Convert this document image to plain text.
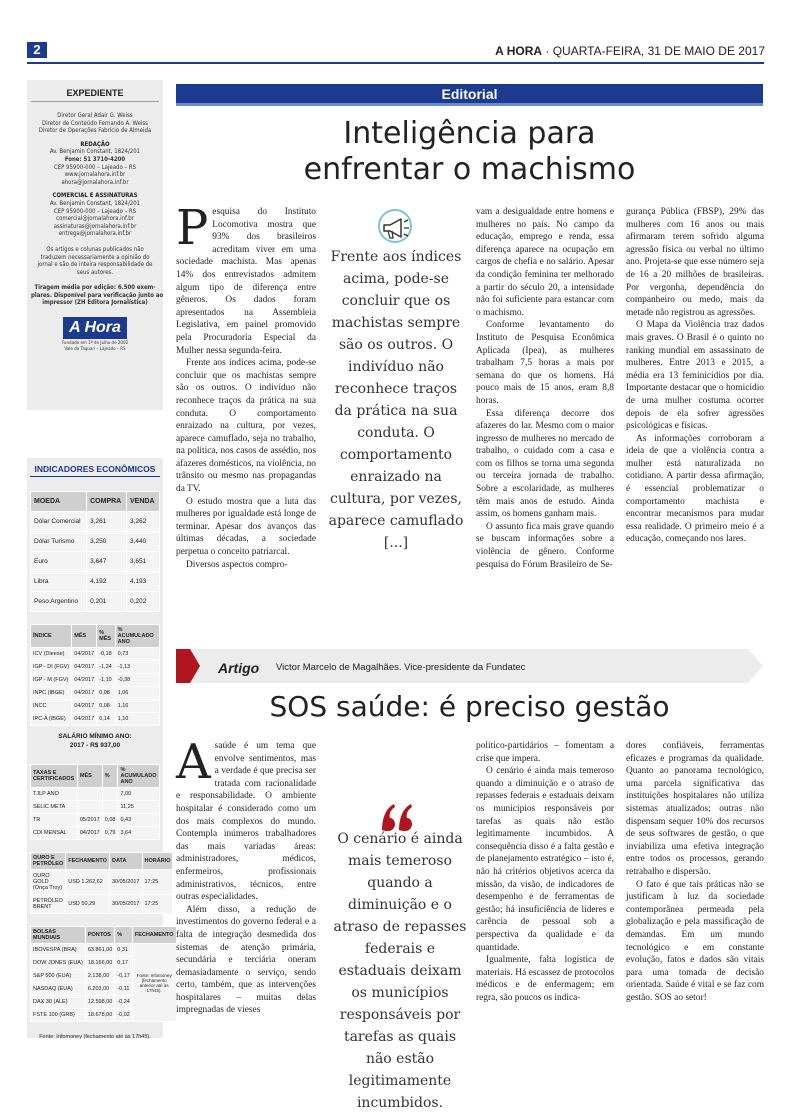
2	A HORA · QUARTA-FEIRA, 31 DE MAIO DE 2017
EXPEDIENTE
Diretor Geral Adair G. Weiss
Diretor de Conteúdo Fernando A. Weiss
Diretor de Operações Fabrício de Almeida
REDAÇÃO
Av. Benjamin Constant, 1824/201
Fone: 51 3710-4200
CEP 95900-000 – Lajeado – RS
www.jornalahora.inf.br
ahora@jornalahora.inf.br
COMERCIAL E ASSINATURAS
Av. Benjamin Constant, 1824/201
CEP 95900-000 – Lajeado – RS
comercial@jornalahora.inf.br
assinaturas@jornalahora.inf.br
entrega@jornalahora.inf.br
Os artigos e colunas publicados não
traduzem necessariamente a opinião do
jornal e são de inteira responsabilidade de
seus autores.
Tiragem média por edição: 6.500 exem-
plares. Disponível para verificação junto ao
impressor (ZH Editora Jornalística)
A Hora
Fundado em 1º de Julho de 2002
Vale do Taquari – Lajeado – RS
INDICADORES ECONÔMICOS
MOEDA	COMPRA	VENDA
Dólar Comercial	3,261	3,262
Dólar Turismo	3,250	3,440
Euro	3,647	3,651
Libra	4,192	4,193
Peso Argentino	0,201	0,202
ÍNDICE	MÊS	% MÊS	% ACUMULADO ANO
ICV (Dieese)	04/2017	-0,18	0,73
IGP - DI (FGV)	04/2017	-1,24	-1,13
IGP - M (FGV)	04/2017	-1,10	-0,38
INPC (IBGE)	04/2017	0,08	1,06
INCC	04/2017	0,08	1,16
IPC-A (IBGE)	04/2017	0,14	1,10
SALÁRIO MÍNIMO ANO:
2017 - R$ 937,00
TAXAS E CERTIFICADOS	MÊS	%	% ACUMULADO ANO
TJLP ANO			7,00
SELIC META			11,25
TR	05/2017	0,08	0,43
CDI MENSAL	04/2017	0,79	3,64
OURO E PETRÓLEO	FECHAMENTO	DATA	HORÁRIO
OURO GOLD (Onça Troy)	USD 1.262,62	30/05/2017	17:25
PETRÓLEO BRENT	USD 50,29	30/05/2017	17:25
BOLSAS MUNDIAIS	PONTOS	%	FECHAMENTO
IBOVESPA (BRA)	63.861,00	0,31	Fonte: Infomoney (fechamento anterior até às 17h45).
DOW JONES (EUA)	18.166,00	0,17	
S&P 500 (EUA)	2.138,00	-0,17	
NASDAQ (EUA)	6.203,00	-0,11	
DAX 30 (ALE)	12.598,00	-0,24	
FSTE 100 (GRB)	18.678,00	-0,02	
Fonte: Infomoney (fechamento até às 17h45).
Editorial
Inteligência para
enfrentar o machismo
P esquisa do Instituto Locomotiva mostra que 93% dos brasileiros acreditam viver em uma sociedade machista. Mas apenas 14% dos entrevistados admitem algum tipo de diferença entre gêneros. Os dados foram apresentados na Assembleia Legislativa, em painel promovido pela Procuradoria Especial da Mulher nessa segunda-feira.

Frente aos índices acima, pode-se concluir que os machistas sempre são os outros. O indivíduo não reconhece traços da prática na sua conduta. O comportamento enraizado na cultura, por vezes, aparece camuflado, seja no trabalho, na política, nos casos de assédio, nos afazeres domésticos, na violência, no trânsito ou mesmo nas propagandas da TV.

O estudo mostra que a luta das mulheres por igualdade está longe de terminar. Apesar dos avanços das últimas décadas, a sociedade perpetua o conceito patriarcal.

Diversos aspectos compro-

Frente aos índices acima, pode-se concluir que os machistas sempre são os outros. O indivíduo não reconhece traços da prática na sua conduta. O comportamento enraizado na cultura, por vezes, aparece camuflado [...]

vam a desigualdade entre homens e mulheres no país. No campo da educação, emprego e renda, essa diferença aparece na ocupação em cargos de chefia e no salário. Apesar da condição feminina ter melhorado a partir do século 20, a intensidade não foi suficiente para estancar com o machismo.

Conforme levantamento do Instituto de Pesquisa Econômica Aplicada (Ipea), as mulheres trabalham 7,5 horas a mais por semana do que os homens. Há pouco mais de 15 anos, eram 8,8 horas.

Essa diferença decorre dos afazeres do lar. Mesmo com o maior ingresso de mulheres no mercado de trabalho, o cuidado com a casa e com os filhos se torna uma segunda ou terceira jornada de trabalho. Sobre a escolaridade, as mulheres têm mais anos de estudo. Ainda assim, os homens ganham mais.

O assunto fica mais grave quando se buscam informações sobre a violência de gênero. Conforme pesquisa do Fórum Brasileiro de Se-

gurança Pública (FBSP), 29% das mulheres com 16 anos ou mais afirmaram terem sofrido alguma agressão física ou verbal no último ano. Projeta-se que esse número seja de 16 a 20 milhões de brasileiras. Por vergonha, dependência do companheiro ou medo, mais da metade não registrou as agressões.

O Mapa da Violência traz dados mais graves. O Brasil é o quinto no ranking mundial em assassinato de mulheres. Entre 2013 e 2015, a média era 13 feminicídios por dia. Importante destacar que o homicídio de uma mulher costuma ocorrer depois de ela sofrer agressões psicológicas e físicas.

As informações corroboram a ideia de que a violência contra a mulher está naturalizada no cotidiano. A partir dessa afirmação, é essencial problematizar o comportamento machista e encontrar mecanismos para mudar essa realidade. O primeiro meio é a educação, começando nos lares.

Artigo Victor Marcelo de Magalhães. Vice-presidente da Fundatec
SOS saúde: é preciso gestão
A saúde é um tema que envolve sentimentos, mas a verdade é que precisa ser tratada com racionalidade e responsabilidade. O ambiente hospitalar é considerado como um dos mais complexos do mundo. Contempla inúmeros trabalhadores das mais variadas áreas: administradores, médicos, enfermeiros, profissionais administrativos, técnicos, entre outras especialidades.

Além disso, a redução de investimentos do governo federal e a falta de integração desmedida dos sistemas de atenção primária, secundária e terciária oneram demasiadamente o serviço, sendo certo, também, que as intervenções hospitalares – muitas delas impregnadas de vieses

O cenário é ainda mais temeroso quando a diminuição e o atraso de repasses federais e estaduais deixam os municípios responsáveis por tarefas as quais não estão legitimamente incumbidos.

político-partidários – fomentam a crise que impera.

O cenário é ainda mais temeroso quando a diminuição e o atraso de repasses federais e estaduais deixam os municípios responsáveis por tarefas as quais não estão legitimamente incumbidos. A consequência disso é a falta gestão e de planejamento estratégico – isto é, não há critérios objetivos acerca da missão, da visão, de indicadores de desempenho e de ferramentas de gestão; há insuficiência de líderes e carência de pessoal sob a perspectiva da qualidade e da quantidade.

Igualmente, falta logística de materiais. Há escassez de protocolos médicos e de enfermagem; em regra, são poucos os indica-

dores confiáveis, ferramentas eficazes e programas da qualidade. Quanto ao panorama tecnológico, uma parcela significativa das instituições hospitalares não utiliza sistemas atualizados; outras não dispensam sequer 10% dos recursos de seus softwares de gestão, o que inviabiliza uma efetiva integração entre todos os processos, gerando retrabalho e dispersão.

O fato é que tais práticas não se justificam à luz da sociedade contemporânea permeada pela globalização e pela massificação de demandas. Em um mundo tecnológico e em constante evolução, fatos e dados são vitais para uma tomada de decisão orientada. Saúde é vital e se faz com gestão. SOS ao setor!
